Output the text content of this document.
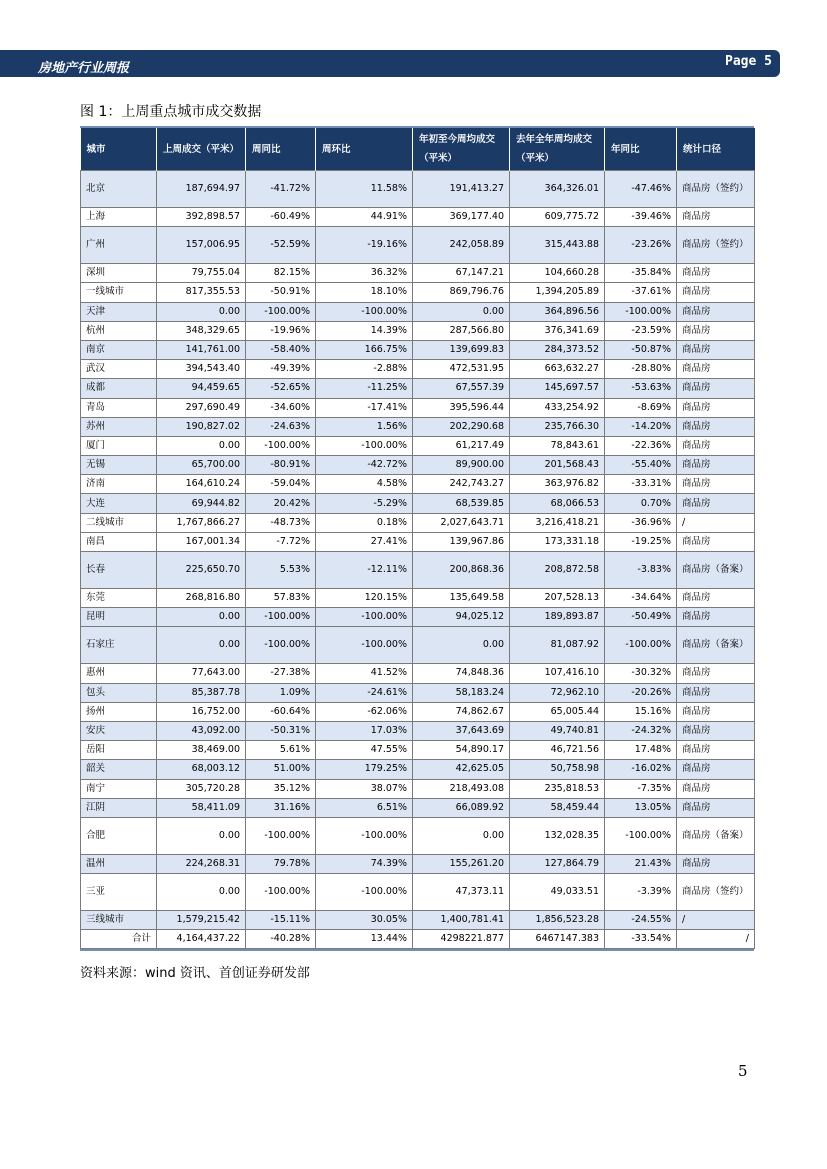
房地产行业周报	Page 5
图 1：上周重点城市成交数据
城市	上周成交（平米）	周同比	周环比	年初至今周均成交（平米）	去年全年周均成交（平米）	年同比	统计口径
北京	187,694.97	-41.72%	11.58%	191,413.27	364,326.01	-47.46%	商品房（签约）
上海	392,898.57	-60.49%	44.91%	369,177.40	609,775.72	-39.46%	商品房
广州	157,006.95	-52.59%	-19.16%	242,058.89	315,443.88	-23.26%	商品房（签约）
深圳	79,755.04	82.15%	36.32%	67,147.21	104,660.28	-35.84%	商品房
一线城市	817,355.53	-50.91%	18.10%	869,796.76	1,394,205.89	-37.61%	商品房
天津	0.00	-100.00%	-100.00%	0.00	364,896.56	-100.00%	商品房
杭州	348,329.65	-19.96%	14.39%	287,566.80	376,341.69	-23.59%	商品房
南京	141,761.00	-58.40%	166.75%	139,699.83	284,373.52	-50.87%	商品房
武汉	394,543.40	-49.39%	-2.88%	472,531.95	663,632.27	-28.80%	商品房
成都	94,459.65	-52.65%	-11.25%	67,557.39	145,697.57	-53.63%	商品房
青岛	297,690.49	-34.60%	-17.41%	395,596.44	433,254.92	-8.69%	商品房
苏州	190,827.02	-24.63%	1.56%	202,290.68	235,766.30	-14.20%	商品房
厦门	0.00	-100.00%	-100.00%	61,217.49	78,843.61	-22.36%	商品房
无锡	65,700.00	-80.91%	-42.72%	89,900.00	201,568.43	-55.40%	商品房
济南	164,610.24	-59.04%	4.58%	242,743.27	363,976.82	-33.31%	商品房
大连	69,944.82	20.42%	-5.29%	68,539.85	68,066.53	0.70%	商品房
二线城市	1,767,866.27	-48.73%	0.18%	2,027,643.71	3,216,418.21	-36.96%	/
南昌	167,001.34	-7.72%	27.41%	139,967.86	173,331.18	-19.25%	商品房
长春	225,650.70	5.53%	-12.11%	200,868.36	208,872.58	-3.83%	商品房（备案）
东莞	268,816.80	57.83%	120.15%	135,649.58	207,528.13	-34.64%	商品房
昆明	0.00	-100.00%	-100.00%	94,025.12	189,893.87	-50.49%	商品房
石家庄	0.00	-100.00%	-100.00%	0.00	81,087.92	-100.00%	商品房（备案）
惠州	77,643.00	-27.38%	41.52%	74,848.36	107,416.10	-30.32%	商品房
包头	85,387.78	1.09%	-24.61%	58,183.24	72,962.10	-20.26%	商品房
扬州	16,752.00	-60.64%	-62.06%	74,862.67	65,005.44	15.16%	商品房
安庆	43,092.00	-50.31%	17.03%	37,643.69	49,740.81	-24.32%	商品房
岳阳	38,469.00	5.61%	47.55%	54,890.17	46,721.56	17.48%	商品房
韶关	68,003.12	51.00%	179.25%	42,625.05	50,758.98	-16.02%	商品房
南宁	305,720.28	35.12%	38.07%	218,493.08	235,818.53	-7.35%	商品房
江阴	58,411.09	31.16%	6.51%	66,089.92	58,459.44	13.05%	商品房
合肥	0.00	-100.00%	-100.00%	0.00	132,028.35	-100.00%	商品房（备案）
温州	224,268.31	79.78%	74.39%	155,261.20	127,864.79	21.43%	商品房
三亚	0.00	-100.00%	-100.00%	47,373.11	49,033.51	-3.39%	商品房（签约）
三线城市	1,579,215.42	-15.11%	30.05%	1,400,781.41	1,856,523.28	-24.55%	/
合计	4,164,437.22	-40.28%	13.44%	4298221.877	6467147.383	-33.54%	/
资料来源：wind 资讯、首创证券研发部
5
